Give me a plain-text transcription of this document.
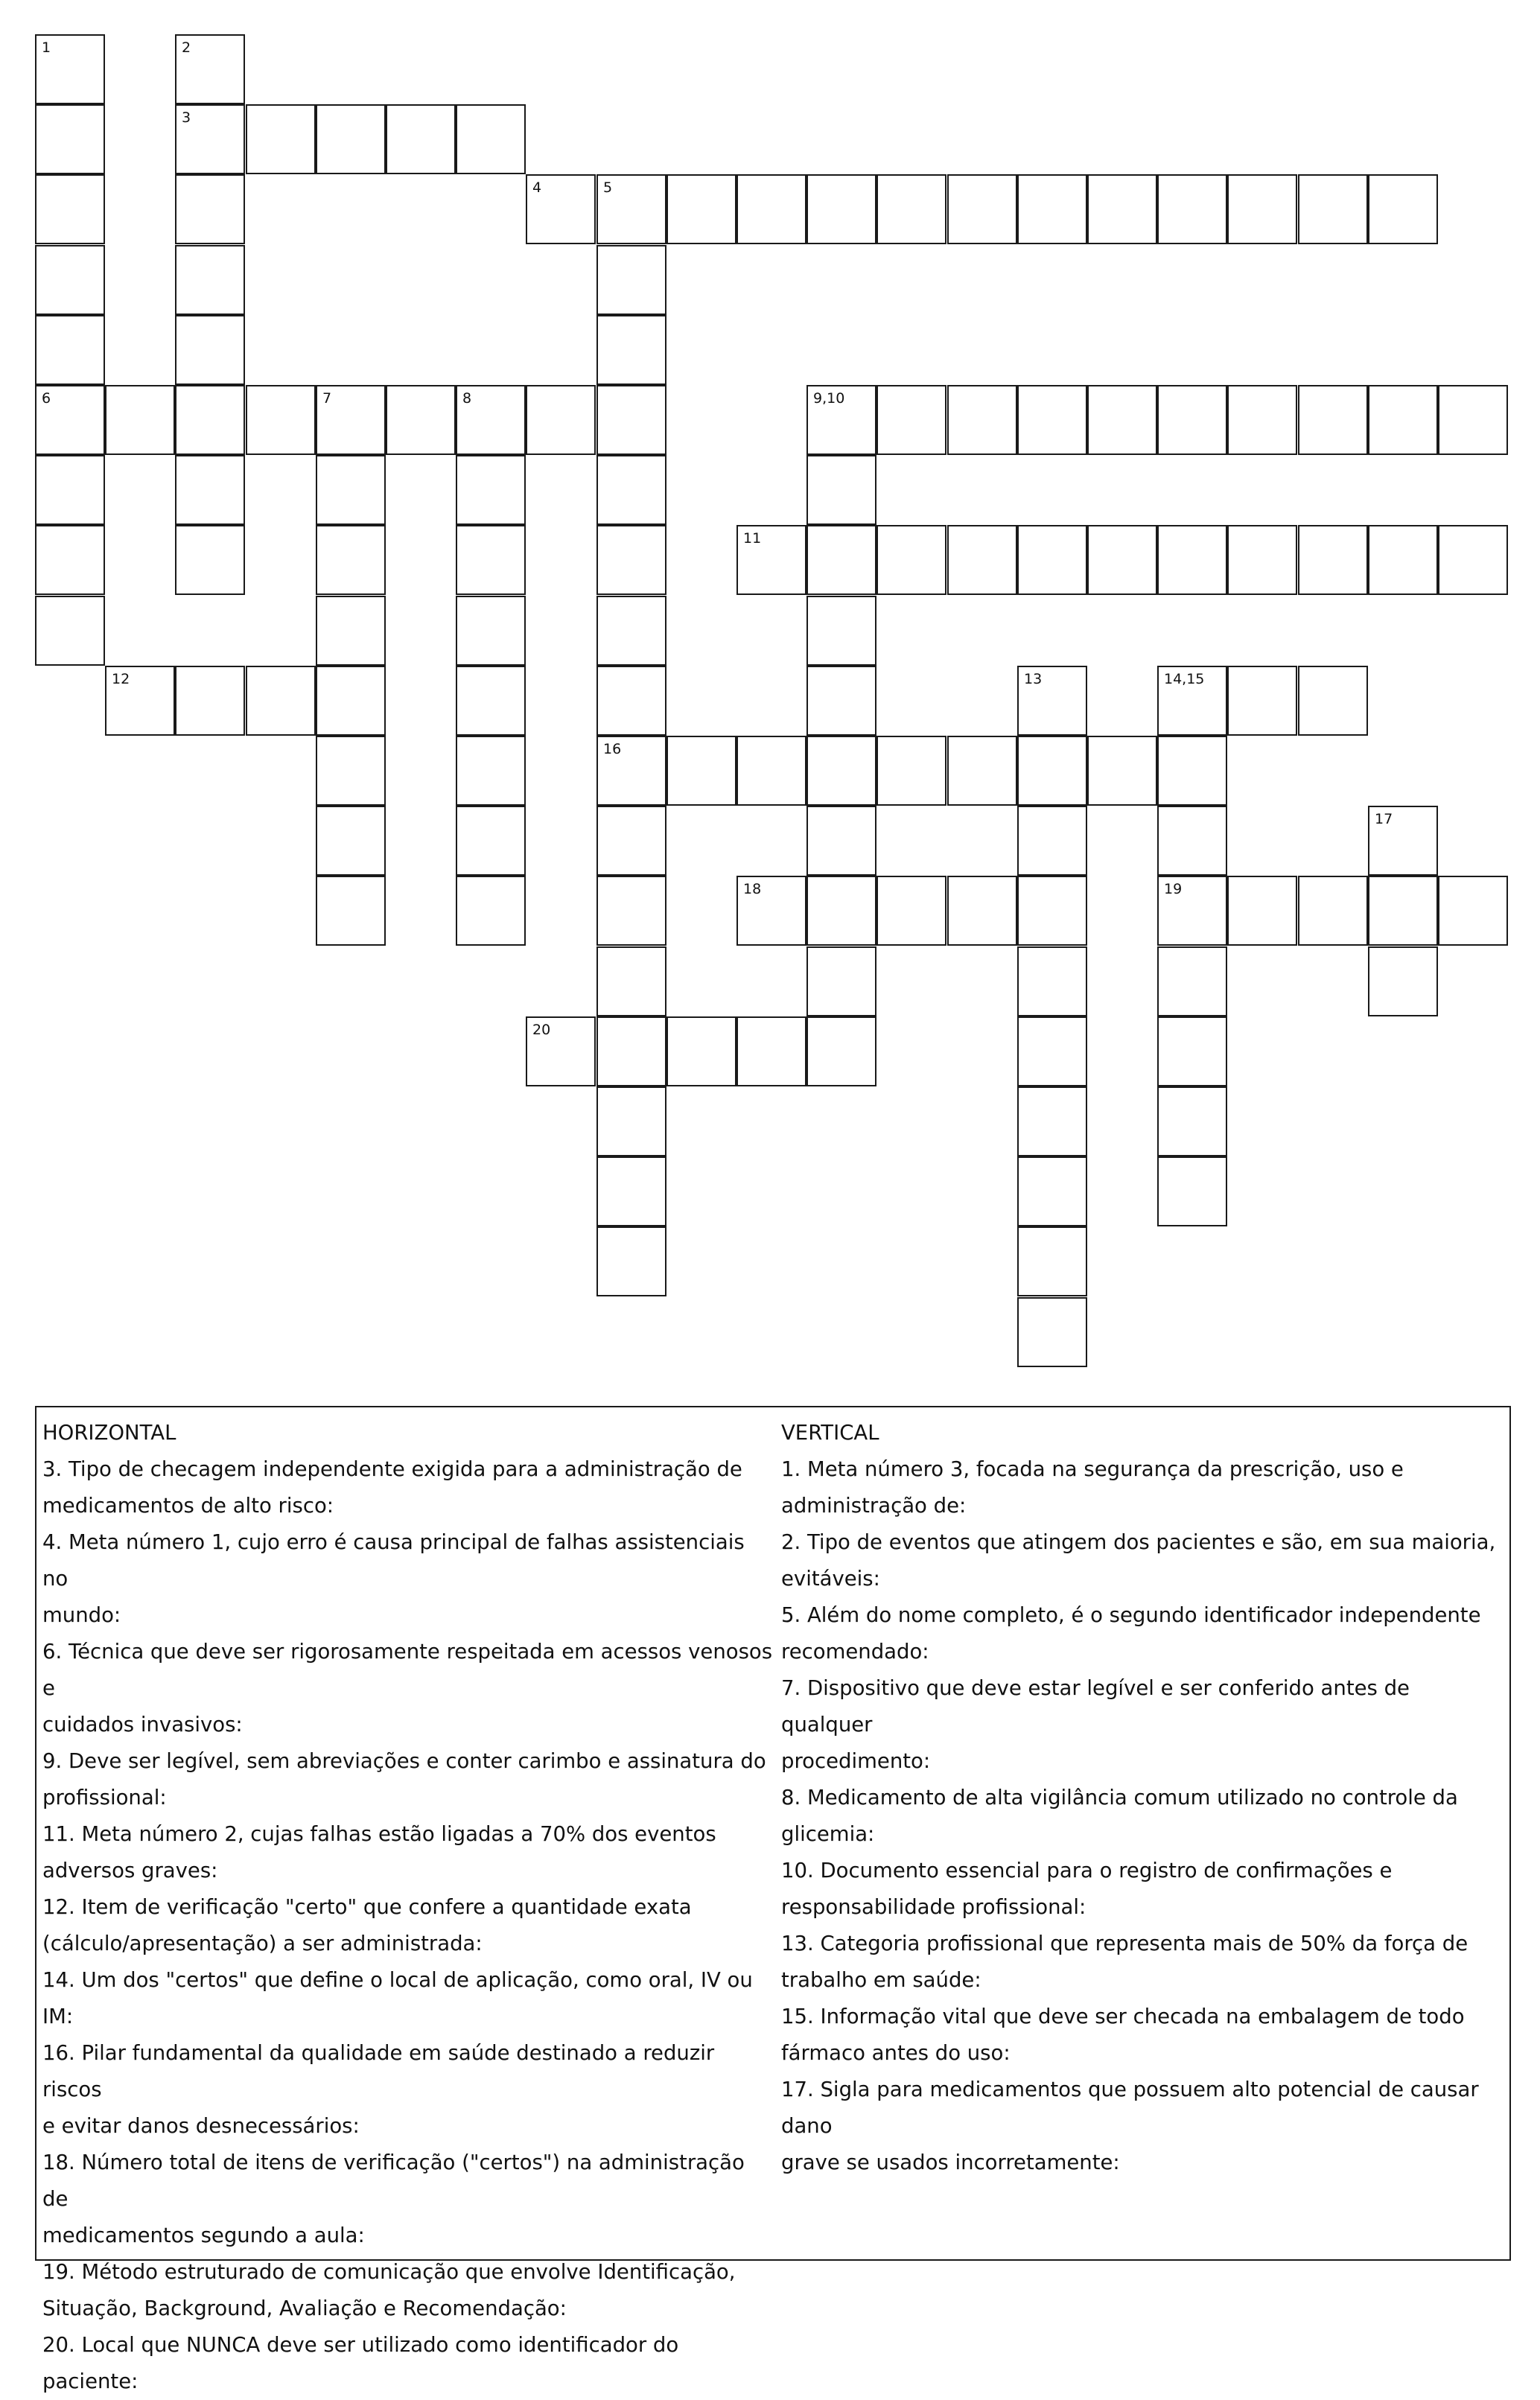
1	2
3
4	5
6	7	8	9,10
11
12	13	14,15
16
17
18	19
20

HORIZONTAL

3. Tipo de checagem independente exigida para a administração de

medicamentos de alto risco:

4. Meta número 1, cujo erro é causa principal de falhas assistenciais no

mundo:

6. Técnica que deve ser rigorosamente respeitada em acessos venosos e

cuidados invasivos:

9. Deve ser legível, sem abreviações e conter carimbo e assinatura do

profissional:

11. Meta número 2, cujas falhas estão ligadas a 70% dos eventos

adversos graves:

12. Item de verificação "certo" que confere a quantidade exata

(cálculo/apresentação) a ser administrada:

14. Um dos "certos" que define o local de aplicação, como oral, IV ou

IM:

16. Pilar fundamental da qualidade em saúde destinado a reduzir riscos

e evitar danos desnecessários:

18. Número total de itens de verificação ("certos") na administração de

medicamentos segundo a aula:

19. Método estruturado de comunicação que envolve Identificação,

Situação, Background, Avaliação e Recomendação:

20. Local que NUNCA deve ser utilizado como identificador do paciente:

VERTICAL

1. Meta número 3, focada na segurança da prescrição, uso e

administração de:

2. Tipo de eventos que atingem dos pacientes e são, em sua maioria,

evitáveis:

5. Além do nome completo, é o segundo identificador independente

recomendado:

7. Dispositivo que deve estar legível e ser conferido antes de qualquer

procedimento:

8. Medicamento de alta vigilância comum utilizado no controle da

glicemia:

10. Documento essencial para o registro de confirmações e

responsabilidade profissional:

13. Categoria profissional que representa mais de 50% da força de

trabalho em saúde:

15. Informação vital que deve ser checada na embalagem de todo

fármaco antes do uso:

17. Sigla para medicamentos que possuem alto potencial de causar dano

grave se usados incorretamente:
